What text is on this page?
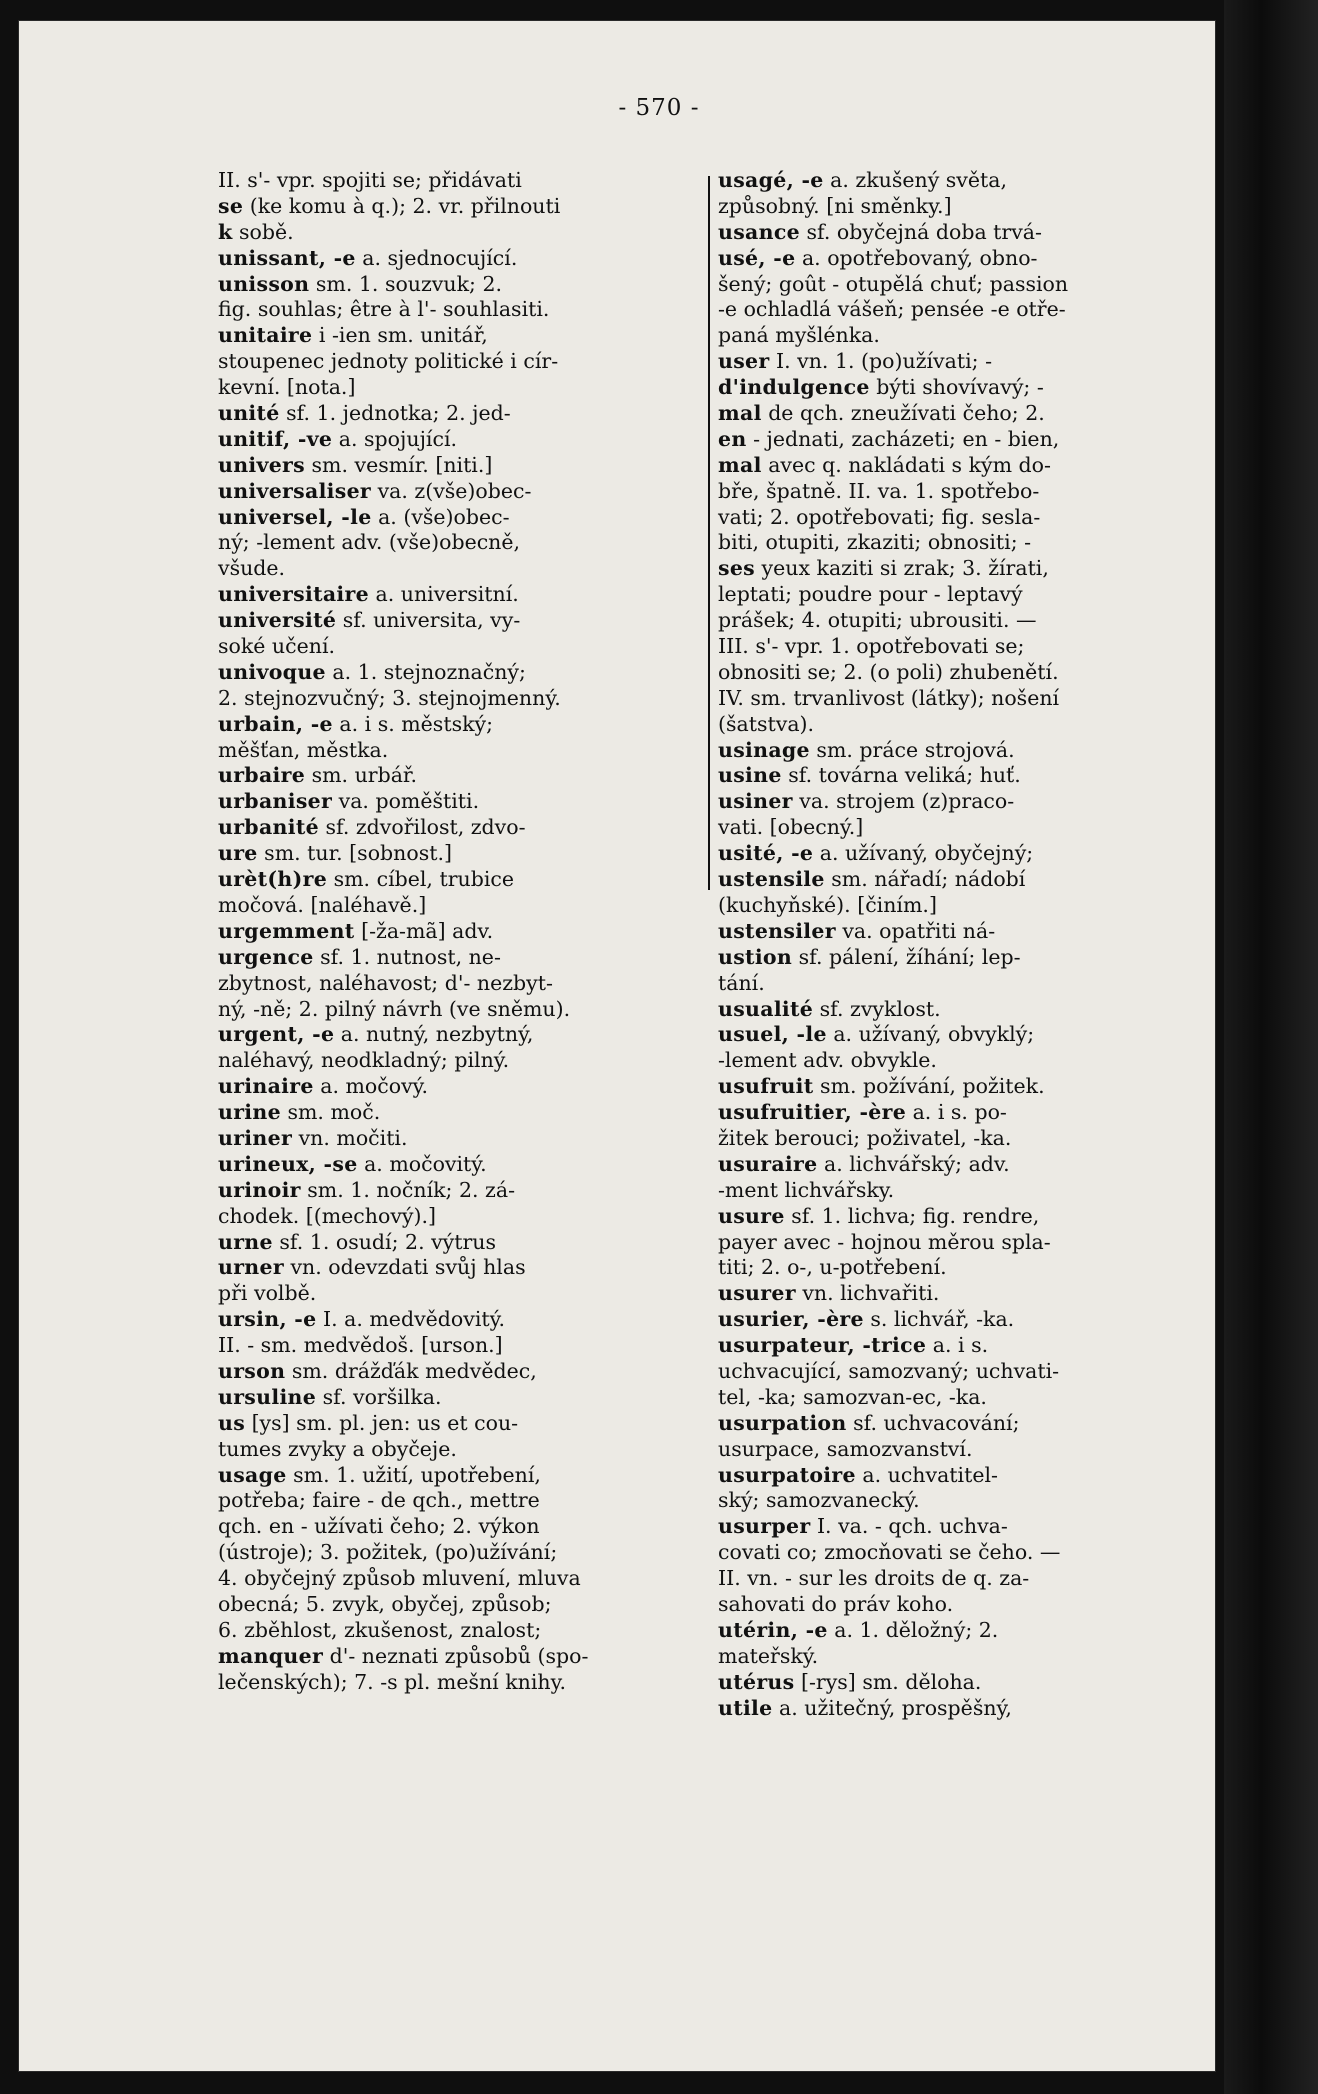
- 570 -
II. s'- vpr. spojiti se; přidávati
se (ke komu à q.); 2. vr. přilnouti
k sobě.
unissant, -e a. sjednocující.
unisson sm. 1. souzvuk; 2.
fig. souhlas; être à l'- souhlasiti.
unitaire i -ien sm. unitář,
stoupenec jednoty politické i cír-
kevní. [nota.]
unité sf. 1. jednotka; 2. jed-
unitif, -ve a. spojující.
univers sm. vesmír. [niti.]
universaliser va. z(vše)obec-
universel, -le a. (vše)obec-
ný; -lement adv. (vše)obecně,
všude.
universitaire a. universitní.
université sf. universita, vy-
soké učení.
univoque a. 1. stejnoznačný;
2. stejnozvučný; 3. stejnojmenný.
urbain, -e a. i s. městský;
měšťan, městka.
urbaire sm. urbář.
urbaniser va. poměštiti.
urbanité sf. zdvořilost, zdvo-
ure sm. tur. [sobnost.]
urèt(h)re sm. cíbel, trubice
močová. [naléhavě.]
urgemment [-ža-mã] adv.
urgence sf. 1. nutnost, ne-
zbytnost, naléhavost; d'- nezbyt-
ný, -ně; 2. pilný návrh (ve sněmu).
urgent, -e a. nutný, nezbytný,
naléhavý, neodkladný; pilný.
urinaire a. močový.
urine sm. moč.
uriner vn. močiti.
urineux, -se a. močovitý.
urinoir sm. 1. nočník; 2. zá-
chodek. [(mechový).]
urne sf. 1. osudí; 2. výtrus
urner vn. odevzdati svůj hlas
při volbě.
ursin, -e I. a. medvědovitý.
II. - sm. medvědoš. [urson.]
urson sm. drážďák medvědec,
ursuline sf. voršilka.
us [ys] sm. pl. jen: us et cou-
tumes zvyky a obyčeje.
usage sm. 1. užití, upotřebení,
potřeba; faire - de qch., mettre
qch. en - užívati čeho; 2. výkon
(ústroje); 3. požitek, (po)užívání;
4. obyčejný způsob mluvení, mluva
obecná; 5. zvyk, obyčej, způsob;
6. zběhlost, zkušenost, znalost;
manquer d'- neznati způsobů (spo-
lečenských); 7. -s pl. mešní knihy.
usagé, -e a. zkušený světa,
způsobný. [ni směnky.]
usance sf. obyčejná doba trvá-
usé, -e a. opotřebovaný, obno-
šený; goût - otupělá chuť; passion
-e ochladlá vášeň; pensée -e otře-
paná myšlénka.
user I. vn. 1. (po)užívati; -
d'indulgence býti shovívavý; -
mal de qch. zneužívati čeho; 2.
en - jednati, zacházeti; en - bien,
mal avec q. nakládati s kým do-
bře, špatně. II. va. 1. spotřebo-
vati; 2. opotřebovati; fig. sesla-
biti, otupiti, zkaziti; obnositi; -
ses yeux kaziti si zrak; 3. žírati,
leptati; poudre pour - leptavý
prášek; 4. otupiti; ubrousiti. —
III. s'- vpr. 1. opotřebovati se;
obnositi se; 2. (o poli) zhubenětí.
IV. sm. trvanlivost (látky); nošení
(šatstva).
usinage sm. práce strojová.
usine sf. továrna veliká; huť.
usiner va. strojem (z)praco-
vati. [obecný.]
usité, -e a. užívaný, obyčejný;
ustensile sm. nářadí; nádobí
(kuchyňské). [činím.]
ustensiler va. opatřiti ná-
ustion sf. pálení, žíhání; lep-
tání.
usualité sf. zvyklost.
usuel, -le a. užívaný, obvyklý;
-lement adv. obvykle.
usufruit sm. požívání, požitek.
usufruitier, -ère a. i s. po-
žitek berouci; poživatel, -ka.
usuraire a. lichvářský; adv.
-ment lichvářsky.
usure sf. 1. lichva; fig. rendre,
payer avec - hojnou měrou spla-
titi; 2. o-, u-potřebení.
usurer vn. lichvařiti.
usurier, -ère s. lichvář, -ka.
usurpateur, -trice a. i s.
uchvacující, samozvaný; uchvati-
tel, -ka; samozvan-ec, -ka.
usurpation sf. uchvacování;
usurpace, samozvanství.
usurpatoire a. uchvatitel-
ský; samozvanecký.
usurper I. va. - qch. uchva-
covati co; zmocňovati se čeho. —
II. vn. - sur les droits de q. za-
sahovati do práv koho.
utérin, -e a. 1. děložný; 2.
mateřský.
utérus [-rys] sm. děloha.
utile a. užitečný, prospěšný,
